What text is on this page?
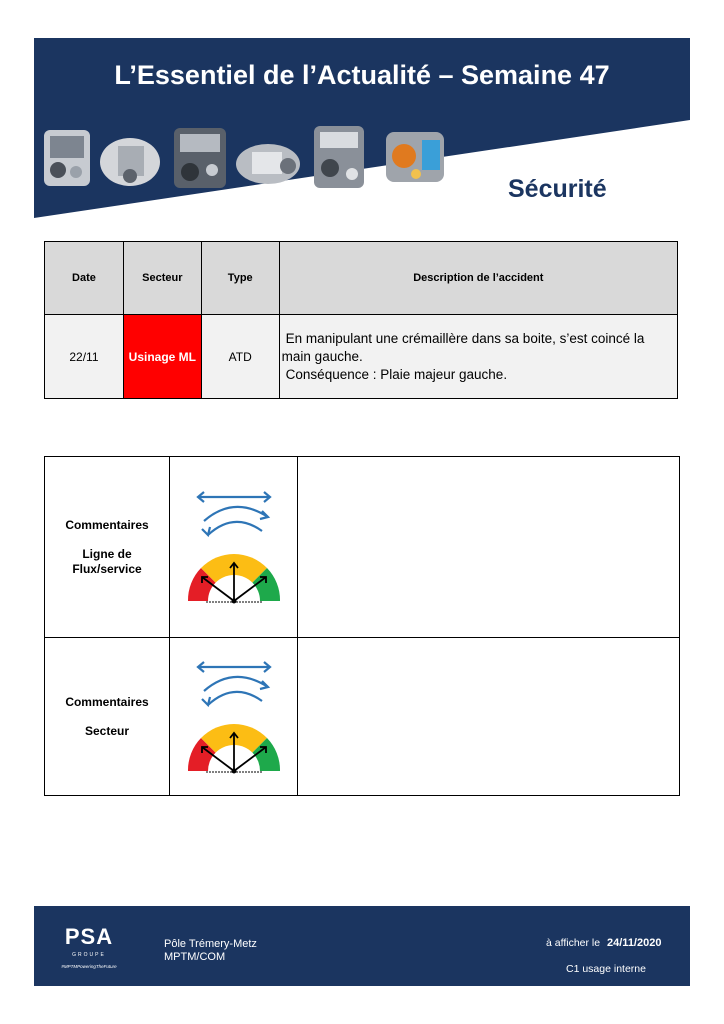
L’Essentiel de l’Actualité – Semaine 47
Sécurité
Date	Secteur	Type	Description de l’accident
22/11	Usinage ML	ATD	En manipulant une crémaillère dans sa boite, s’est coincé la
main gauche.
Conséquence : Plaie majeur gauche.
Commentaires
Ligne de
Flux/service

Commentaires
Secteur

PSA
GROUPE
#MPTMPoweringTheFuture
Pôle Trémery-Metz
MPTM/COM
à afficher le 24/11/2020
C1 usage interne
